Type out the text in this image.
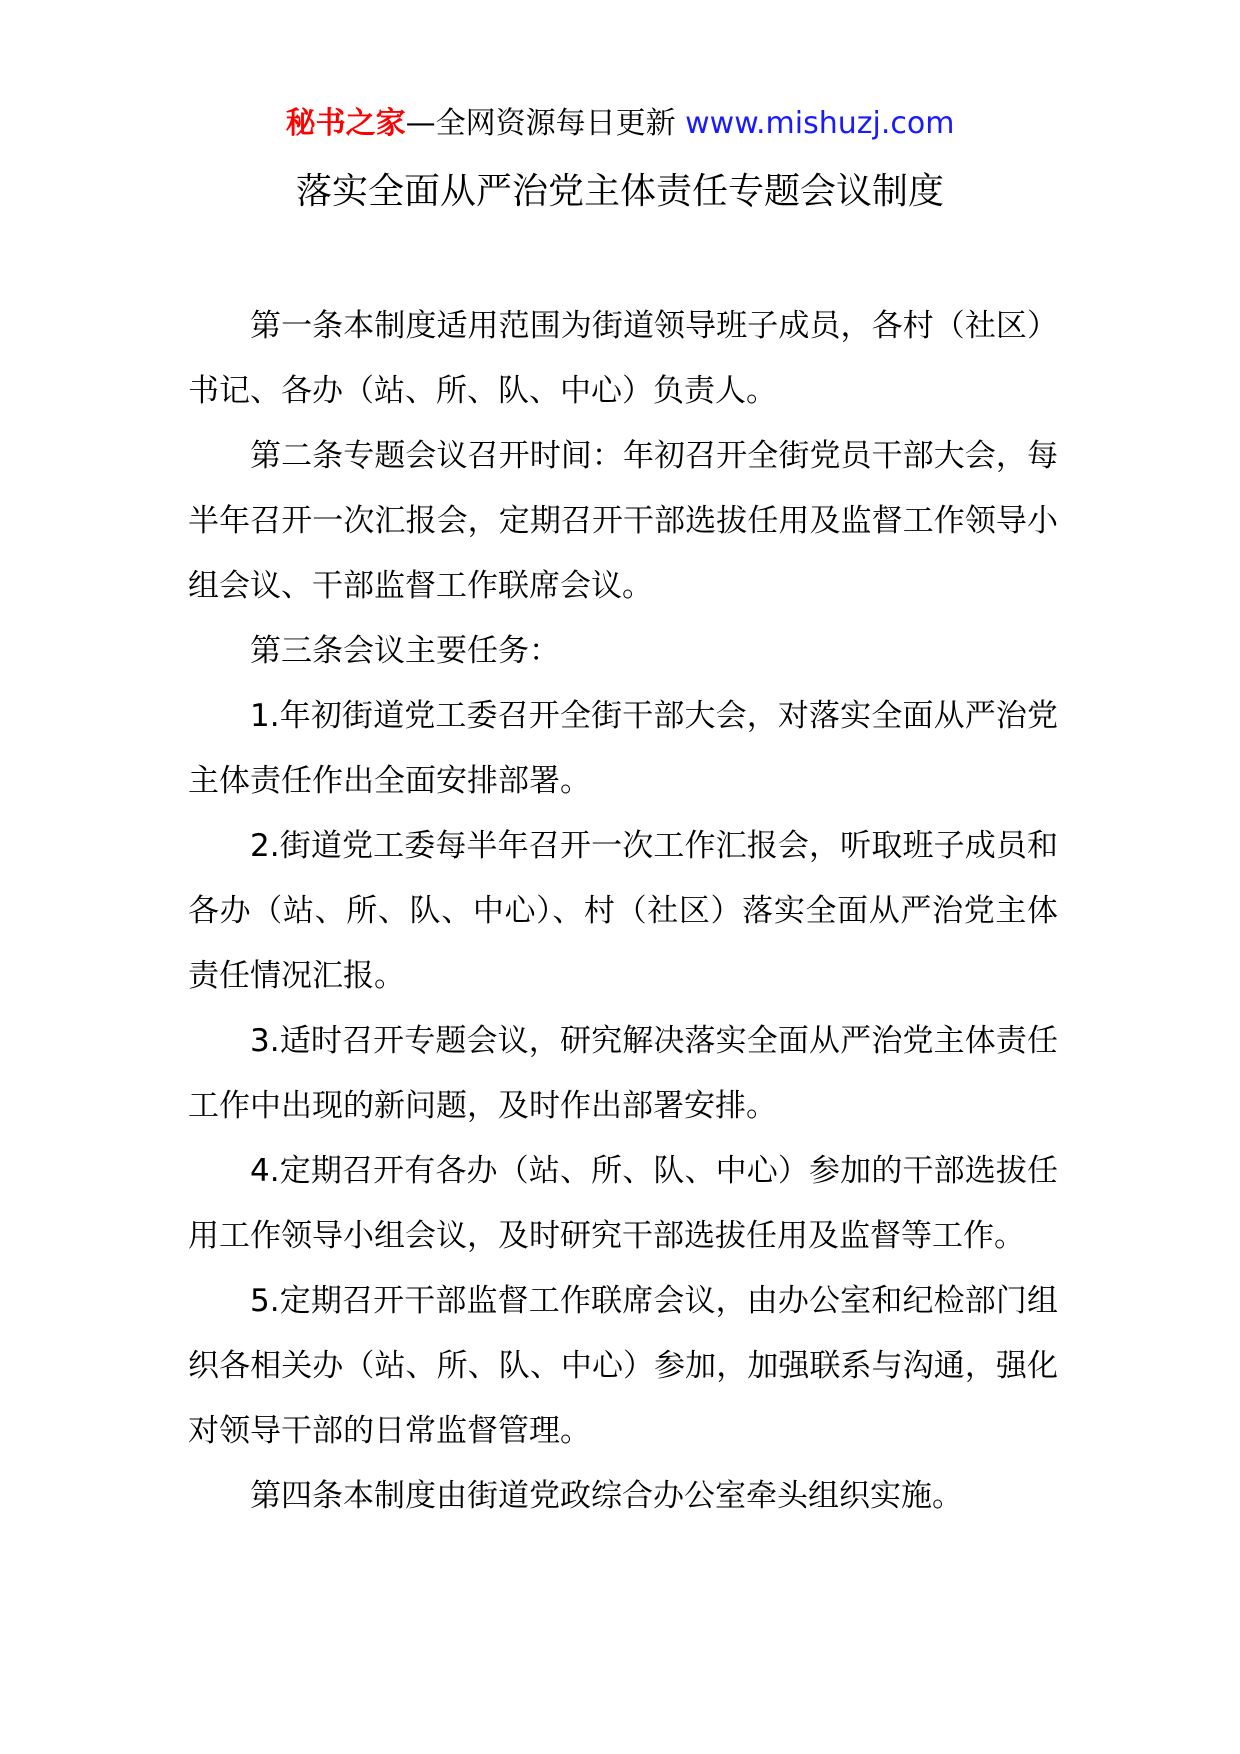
秘书之家—全网资源每日更新 www.mishuzj.com
落实全面从严治党主体责任专题会议制度

第一条本制度适用范围为街道领导班子成员，各村（社区）书记、各办（站、所、队、中心）负责人。

第二条专题会议召开时间：年初召开全街党员干部大会，每半年召开一次汇报会，定期召开干部选拔任用及监督工作领导小组会议、干部监督工作联席会议。

第三条会议主要任务：

1.年初街道党工委召开全街干部大会，对落实全面从严治党主体责任作出全面安排部署。

2.街道党工委每半年召开一次工作汇报会，听取班子成员和各办（站、所、队、中心）、村（社区）落实全面从严治党主体责任情况汇报。

3.适时召开专题会议，研究解决落实全面从严治党主体责任工作中出现的新问题，及时作出部署安排。

4.定期召开有各办（站、所、队、中心）参加的干部选拔任用工作领导小组会议，及时研究干部选拔任用及监督等工作。

5.定期召开干部监督工作联席会议，由办公室和纪检部门组织各相关办（站、所、队、中心）参加，加强联系与沟通，强化对领导干部的日常监督管理。

第四条本制度由街道党政综合办公室牵头组织实施。
